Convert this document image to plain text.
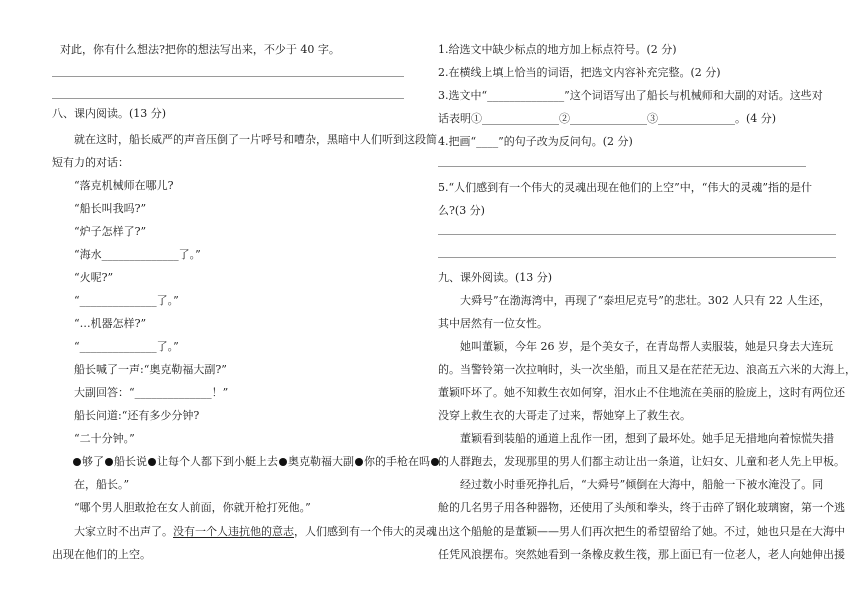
对此，你有什么想法?把你的想法写出来，不少于 40 字。
八、课内阅读。(13 分)
就在这时，船长威严的声音压倒了一片呼号和嘈杂，黑暗中人们听到这段简
短有力的对话：
“落克机械师在哪儿?
“船长叫我吗?”
“炉子怎样了?”
“海水______________了。”
“火呢?”
“______________了。”
“…机器怎样?”
“______________了。”
船长喊了一声:“奥克勒福大副?”
大副回答：“______________！”
船长问道:“还有多少分钟?
“二十分钟。”
够了 船长说 让每个人都下到小艇上去 奥克勒福大副 你的手枪在吗
在，船长。”
“哪个男人胆敢抢在女人前面，你就开枪打死他。”
大家立时不出声了。没有一个人违抗他的意志，人们感到有一个伟大的灵魂
出现在他们的上空。
1.给选文中缺少标点的地方加上标点符号。(2 分)
2.在横线上填上恰当的词语，把选文内容补充完整。(2 分)
3.选文中“______________”这个词语写出了船长与机械师和大副的对话。这些对
话表明①______________②______________③______________。(4 分)
4.把画“____”的句子改为反问句。(2 分)
5.“人们感到有一个伟大的灵魂出现在他们的上空”中，“伟大的灵魂”指的是什
么?(3 分)
九、课外阅读。(13 分)
大舜号”在渤海湾中，再现了“泰坦尼克号”的悲壮。302 人只有 22 人生还，
其中居然有一位女性。
她叫董颖，今年 26 岁，是个美女子，在青岛帮人卖服装，她是只身去大连玩
的。当警铃第一次拉响时，头一次坐船，而且又是在茫茫无边、浪高五六米的大海上，
董颖吓坏了。她不知救生衣如何穿，泪水止不住地流在美丽的脸庞上，这时有两位还
没穿上救生衣的大哥走了过来，帮她穿上了救生衣。
董颖看到装船的通道上乱作一团，想到了最坏处。她手足无措地向着惊慌失措
的人群跑去，发现那里的男人们都主动让出一条道，让妇女、儿童和老人先上甲板。
经过数小时垂死挣扎后，“大舜号”倾倒在大海中，船舱一下被水淹没了。同
舱的几名男子用各种器物，还使用了头颅和拳头，终于击碎了钢化玻璃窗，第一个逃
出这个船舱的是董颖——男人们再次把生的希望留给了她。不过，她也只是在大海中
任凭风浪摆布。突然她看到一条橡皮救生筏，那上面已有一位老人，老人向她伸出援
